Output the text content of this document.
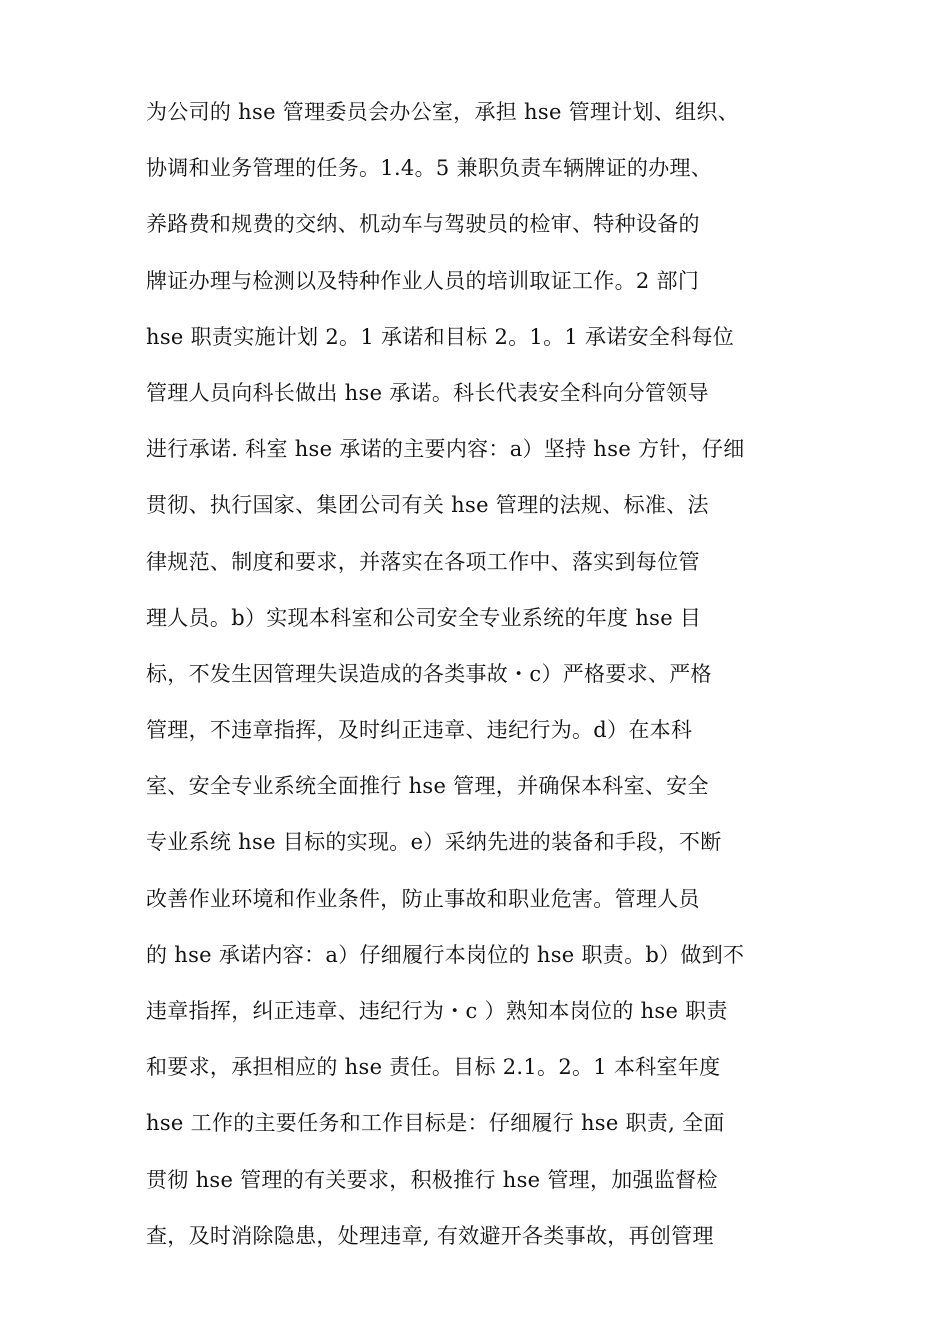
为公司的 hse 管理委员会办公室，承担 hse 管理计划、组织、
协调和业务管理的任务。1.4。5 兼职负责车辆牌证的办理、
养路费和规费的交纳、机动车与驾驶员的检审、特种设备的
牌证办理与检测以及特种作业人员的培训取证工作。2 部门
hse 职责实施计划 2。1 承诺和目标 2。1。1 承诺安全科每位
管理人员向科长做出 hse 承诺。科长代表安全科向分管领导
进行承诺. 科室 hse 承诺的主要内容：a）坚持 hse 方针，仔细
贯彻、执行国家、集团公司有关 hse 管理的法规、标准、法
律规范、制度和要求，并落实在各项工作中、落实到每位管
理人员。b）实现本科室和公司安全专业系统的年度 hse 目
标，不发生因管理失误造成的各类事故・c）严格要求、严格
管理，不违章指挥，及时纠正违章、违纪行为。d）在本科
室、安全专业系统全面推行 hse 管理，并确保本科室、安全
专业系统 hse 目标的实现。e）采纳先进的装备和手段，不断
改善作业环境和作业条件，防止事故和职业危害。管理人员
的 hse 承诺内容：a）仔细履行本岗位的 hse 职责。b）做到不
违章指挥，纠正违章、违纪行为・c ）熟知本岗位的 hse 职责
和要求，承担相应的 hse 责任。目标 2.1。2。1 本科室年度
hse 工作的主要任务和工作目标是：仔细履行 hse 职责, 全面
贯彻 hse 管理的有关要求，积极推行 hse 管理，加强监督检
查，及时消除隐患，处理违章, 有效避开各类事故，再创管理
